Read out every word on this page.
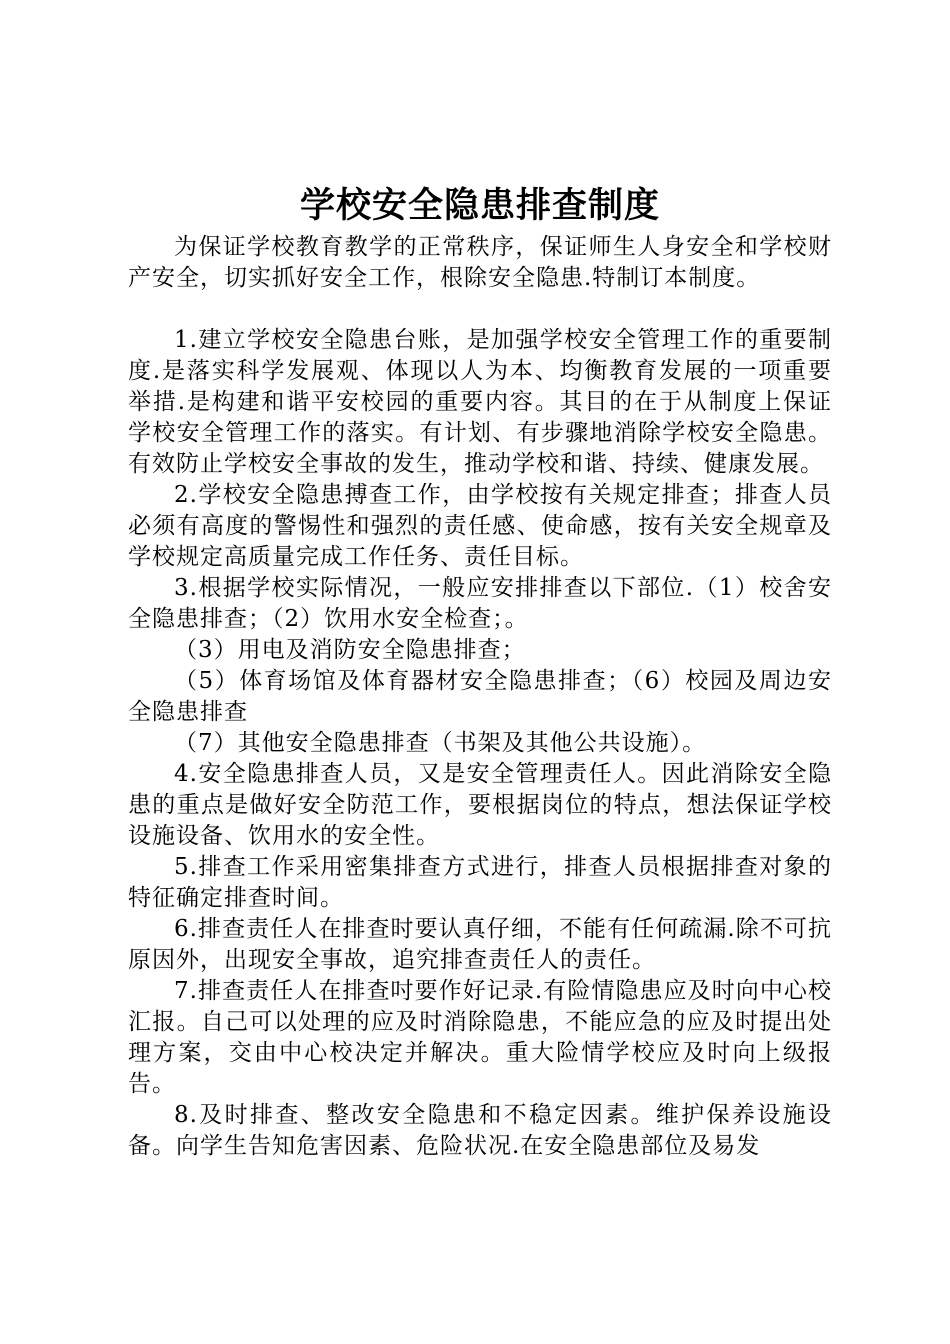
学校安全隐患排查制度

为保证学校教育教学的正常秩序，保证师生人身安全和学校财产安全，切实抓好安全工作，根除安全隐患.特制订本制度。

1.建立学校安全隐患台账，是加强学校安全管理工作的重要制度.是落实科学发展观、体现以人为本、均衡教育发展的一项重要举措.是构建和谐平安校园的重要内容。其目的在于从制度上保证学校安全管理工作的落实。有计划、有步骤地消除学校安全隐患。有效防止学校安全事故的发生，推动学校和谐、持续、健康发展。

2.学校安全隐患搏查工作，由学校按有关规定排查；排查人员必须有高度的警惕性和强烈的责任感、使命感，按有关安全规章及学校规定高质量完成工作任务、责任目标。

3.根据学校实际情况，一般应安排排查以下部位.（1）校舍安全隐患排查；（2）饮用水安全检查；。

（3）用电及消防安全隐患排查；

（5）体育场馆及体育器材安全隐患排查；（6）校园及周边安全隐患排查

（7）其他安全隐患排查（书架及其他公共设施）。

4.安全隐患排查人员，又是安全管理责任人。因此消除安全隐患的重点是做好安全防范工作，要根据岗位的特点，想法保证学校设施设备、饮用水的安全性。

5.排查工作采用密集排查方式进行，排查人员根据排查对象的特征确定排查时间。

6.排查责任人在排查时要认真仔细，不能有任何疏漏.除不可抗原因外，出现安全事故，追究排查责任人的责任。

7.排查责任人在排查吋要作好记录.有险情隐患应及时向中心校汇报。自己可以处理的应及时消除隐患，不能应急的应及时提出处理方案，交由中心校决定并解决。重大险情学校应及时向上级报告。

8.及时排查、整改安全隐患和不稳定因素。维护保养设施设备。向学生告知危害因素、危险状况.在安全隐患部位及易发
